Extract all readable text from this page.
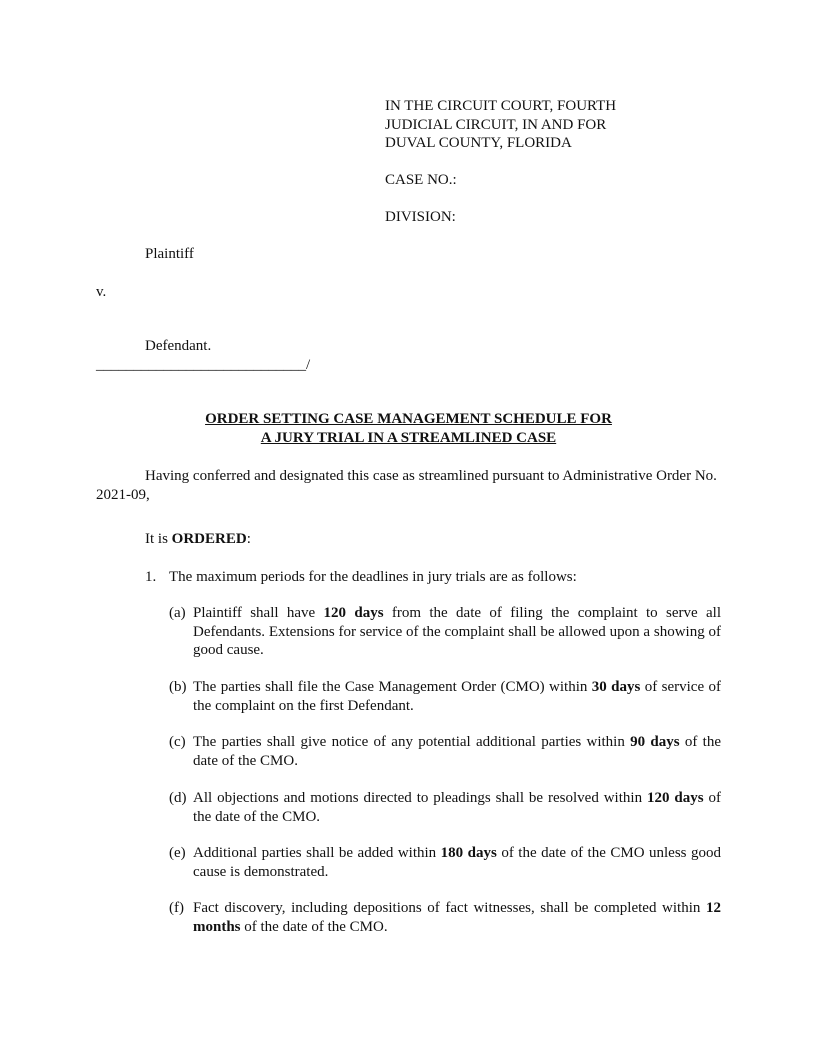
IN THE CIRCUIT COURT, FOURTH
JUDICIAL CIRCUIT, IN AND FOR
DUVAL COUNTY, FLORIDA
CASE NO.:
DIVISION:
Plaintiff
v.
Defendant.
____________________________/
ORDER SETTING CASE MANAGEMENT SCHEDULE FOR
A JURY TRIAL IN A STREAMLINED CASE
Having conferred and designated this case as streamlined pursuant to Administrative Order No. 2021-09,
It is ORDERED:
1. The maximum periods for the deadlines in jury trials are as follows:
(a) Plaintiff shall have 120 days from the date of filing the complaint to serve all Defendants. Extensions for service of the complaint shall be allowed upon a showing of good cause.
(b) The parties shall file the Case Management Order (CMO) within 30 days of service of the complaint on the first Defendant.
(c) The parties shall give notice of any potential additional parties within 90 days of the date of the CMO.
(d) All objections and motions directed to pleadings shall be resolved within 120 days of the date of the CMO.
(e) Additional parties shall be added within 180 days of the date of the CMO unless good cause is demonstrated.
(f) Fact discovery, including depositions of fact witnesses, shall be completed within 12 months of the date of the CMO.
